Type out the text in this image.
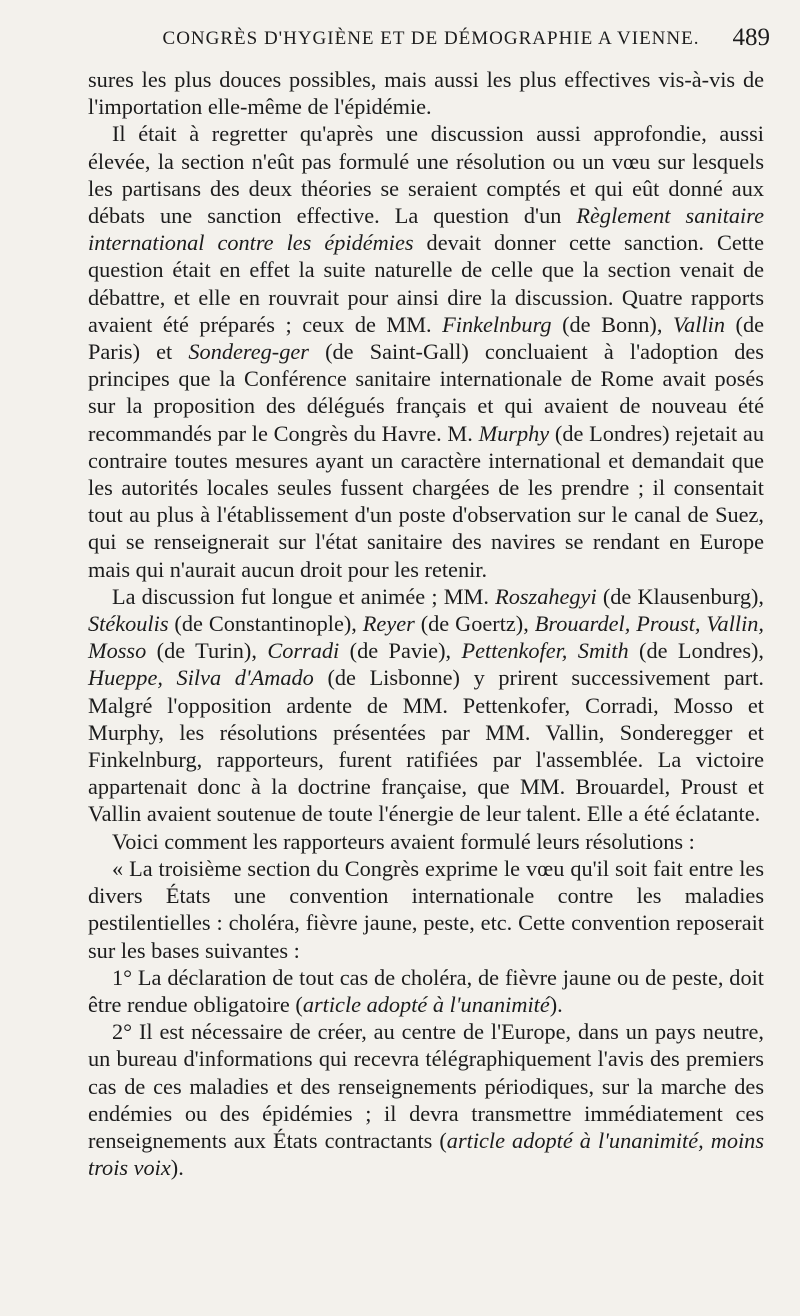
CONGRÈS D'HYGIÈNE ET DE DÉMOGRAPHIE A VIENNE. 489

sures les plus douces possibles, mais aussi les plus effectives vis-à-vis de l'importation elle-même de l'épidémie.

Il était à regretter qu'après une discussion aussi approfondie, aussi élevée, la section n'eût pas formulé une résolution ou un vœu sur lesquels les partisans des deux théories se seraient comptés et qui eût donné aux débats une sanction effective. La question d'un Règlement sanitaire international contre les épidémies devait donner cette sanction. Cette question était en effet la suite naturelle de celle que la section venait de débattre, et elle en rouvrait pour ainsi dire la discussion. Quatre rapports avaient été préparés ; ceux de MM. Finkelnburg (de Bonn), Vallin (de Paris) et Sondereg-ger (de Saint-Gall) concluaient à l'adoption des principes que la Conférence sanitaire internationale de Rome avait posés sur la proposition des délégués français et qui avaient de nouveau été recommandés par le Congrès du Havre. M. Murphy (de Londres) rejetait au contraire toutes mesures ayant un caractère international et demandait que les autorités locales seules fussent chargées de les prendre ; il consentait tout au plus à l'établissement d'un poste d'observation sur le canal de Suez, qui se renseignerait sur l'état sanitaire des navires se rendant en Europe mais qui n'aurait aucun droit pour les retenir.

La discussion fut longue et animée ; MM. Roszahegyi (de Klausenburg), Stékoulis (de Constantinople), Reyer (de Goertz), Brouardel, Proust, Vallin, Mosso (de Turin), Corradi (de Pavie), Pettenkofer, Smith (de Londres), Hueppe, Silva d'Amado (de Lisbonne) y prirent successivement part. Malgré l'opposition ardente de MM. Pettenkofer, Corradi, Mosso et Murphy, les résolutions présentées par MM. Vallin, Sonderegger et Finkelnburg, rapporteurs, furent ratifiées par l'assemblée. La victoire appartenait donc à la doctrine française, que MM. Brouardel, Proust et Vallin avaient soutenue de toute l'énergie de leur talent. Elle a été éclatante.

Voici comment les rapporteurs avaient formulé leurs résolutions :

« La troisième section du Congrès exprime le vœu qu'il soit fait entre les divers États une convention internationale contre les maladies pestilentielles : choléra, fièvre jaune, peste, etc. Cette convention reposerait sur les bases suivantes :

1° La déclaration de tout cas de choléra, de fièvre jaune ou de peste, doit être rendue obligatoire (article adopté à l'unanimité).

2° Il est nécessaire de créer, au centre de l'Europe, dans un pays neutre, un bureau d'informations qui recevra télégraphiquement l'avis des premiers cas de ces maladies et des renseignements périodiques, sur la marche des endémies ou des épidémies ; il devra transmettre immédiatement ces renseignements aux États contractants (article adopté à l'unanimité, moins trois voix).
